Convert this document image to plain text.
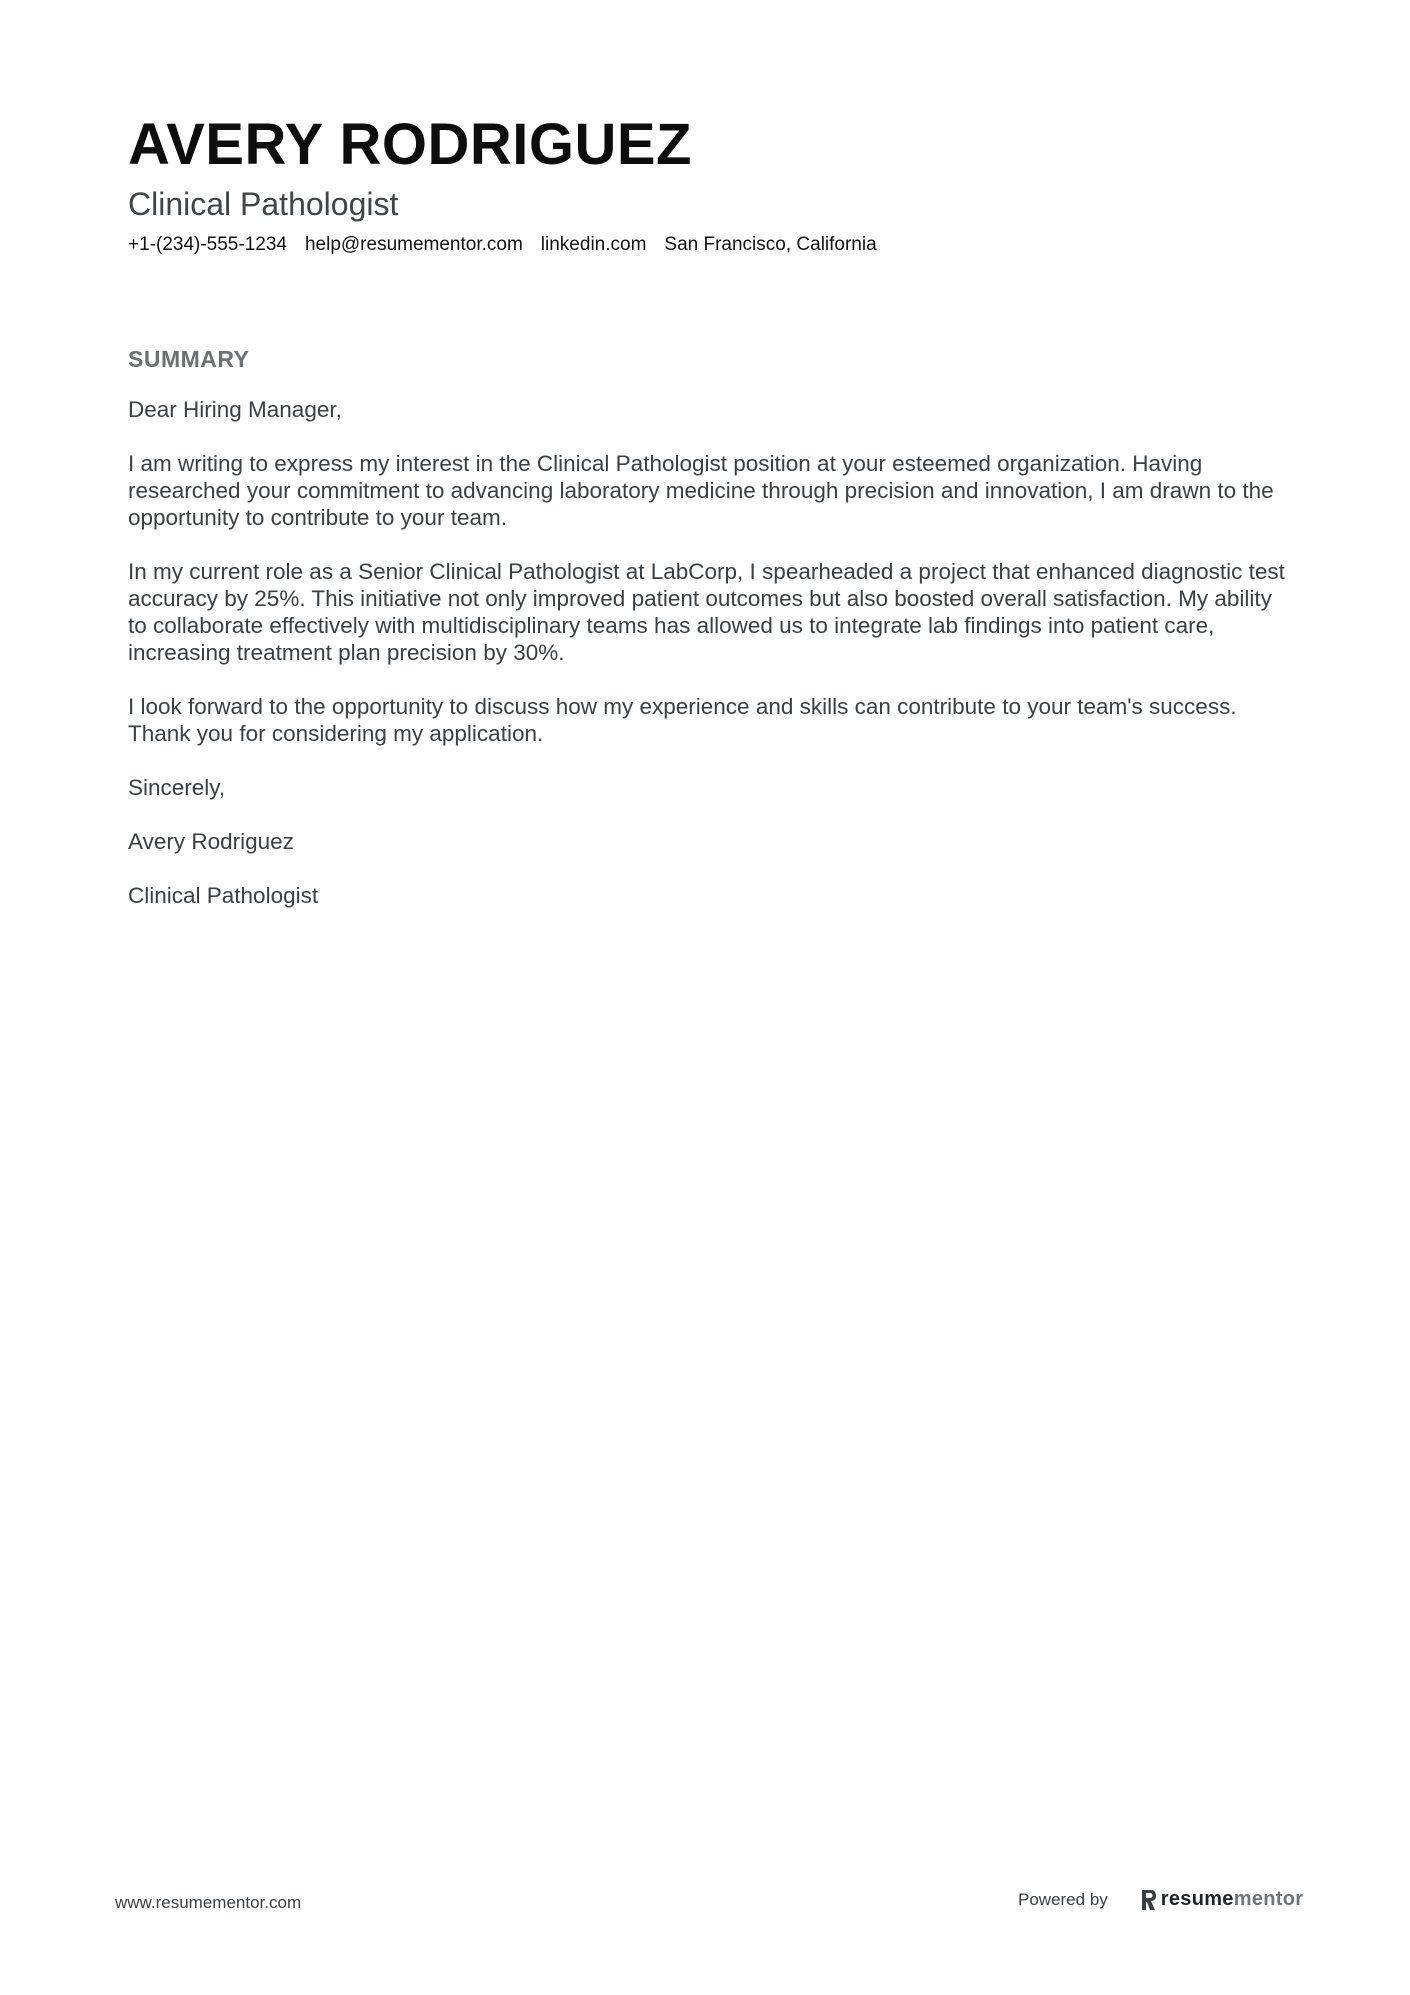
AVERY RODRIGUEZ
Clinical Pathologist
+1-(234)-555-1234 help@resumementor.com linkedin.com San Francisco, California
SUMMARY

Dear Hiring Manager,

I am writing to express my interest in the Clinical Pathologist position at your esteemed organization. Having researched your commitment to advancing laboratory medicine through precision and innovation, I am drawn to the opportunity to contribute to your team.

In my current role as a Senior Clinical Pathologist at LabCorp, I spearheaded a project that enhanced diagnostic test accuracy by 25%. This initiative not only improved patient outcomes but also boosted overall satisfaction. My ability to collaborate effectively with multidisciplinary teams has allowed us to integrate lab findings into patient care, increasing treatment plan precision by 30%.

I look forward to the opportunity to discuss how my experience and skills can contribute to your team's success. Thank you for considering my application.

Sincerely,

Avery Rodriguez

Clinical Pathologist

www.resumementor.com	Powered by	resumementor
